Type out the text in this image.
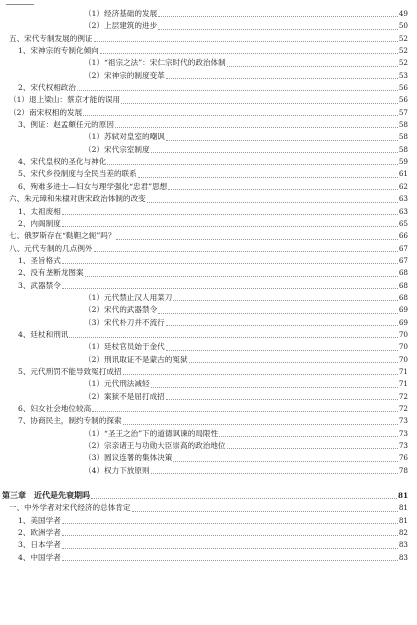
（1）经济基础的发展	49
（2）上层建筑的进步	50
五、宋代专制发展的例证	52
1、宋神宗的专制化倾向	52
（1）“祖宗之法”：宋仁宗时代的政治体制	52
（2）宋神宗的制度变革	53
2、宋代权相政治	56
（1）退上梁山：蔡京才能的误用	56
（2）南宋权相的发展	57
3、例证：赵孟頫任元的原因	58
（1）苏轼对皇室的嘲讽	58
（2）宋代宗室制度	58
4、宋代皇权的圣化与神化	59
5、宋代乡役制度与全民当差的联系	61
6、殉难多进士—妇女与理学强化“忠君”思想	62
六、朱元璋和朱棣对唐宋政治体制的改变	63
1、太祖废相	63
2、内阁制度	65
七、俄罗斯存在“鞑靼之轭”吗？	66
八、元代专制的几点例外	67
1、圣旨格式	67
2、没有垄断龙图案	68
3、武器禁令	68
（1）元代禁止汉人用菜刀	68
（2）宋代的武器禁令	69
（3）宋代朴刀并不流行	69
4、廷杖和刑讯	70
（1）廷杖官员始于金代	70
（2）刑讯取证不是蒙古的冤狱	70
5、元代刑罚不能导致冤打成招	71
（1）元代刑法减轻	71
（2）案狱不是屈打成招	72
6、妇女社会地位较高	72
7、协商民主，制约专制的探索	73
（1）“圣王之治”下的道德讽谏的局限性	73
（2）宗亲诸王与功勋大臣崇高的政治地位	73
（3）圆议连署的集体决策	76
（4）权力下放原则	78
第三章　近代是先衰期吗	81
一、中外学者对宋代经济的总体肯定	81
1、美国学者	81
2、欧洲学者	82
3、日本学者	83
4、中国学者	83
